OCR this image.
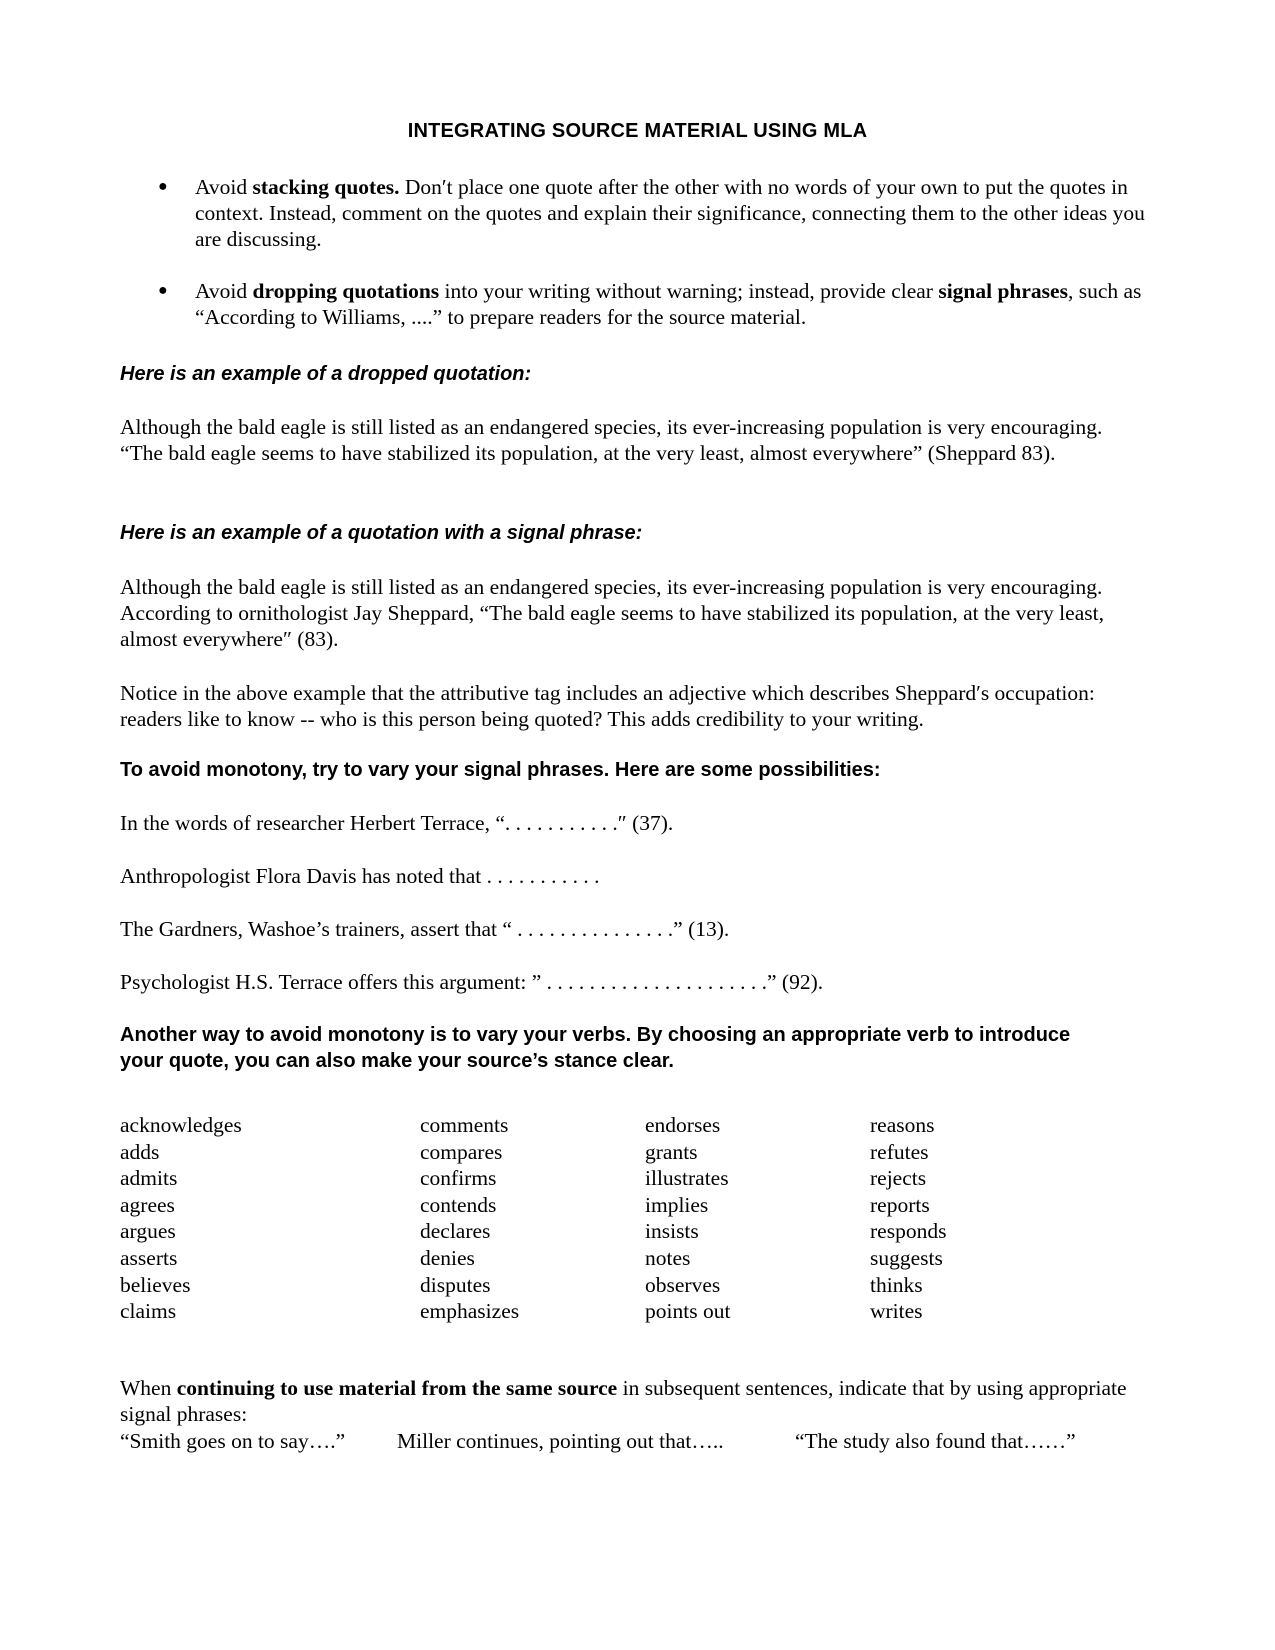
INTEGRATING SOURCE MATERIAL USING MLA
● Avoid stacking quotes. Don′t place one quote after the other with no words of your own to put the quotes in context. Instead, comment on the quotes and explain their significance, connecting them to the other ideas you are discussing.
● Avoid dropping quotations into your writing without warning; instead, provide clear signal phrases, such as “According to Williams, ....” to prepare readers for the source material.
Here is an example of a dropped quotation:
Although the bald eagle is still listed as an endangered species, its ever-increasing population is very encouraging. “The bald eagle seems to have stabilized its population, at the very least, almost everywhere” (Sheppard 83).
Here is an example of a quotation with a signal phrase:
Although the bald eagle is still listed as an endangered species, its ever-increasing population is very encouraging. According to ornithologist Jay Sheppard, “The bald eagle seems to have stabilized its population, at the very least, almost everywhere″ (83).
Notice in the above example that the attributive tag includes an adjective which describes Sheppard′s occupation: readers like to know -- who is this person being quoted? This adds credibility to your writing.
To avoid monotony, try to vary your signal phrases. Here are some possibilities:
In the words of researcher Herbert Terrace, “. . . . . . . . . . .″ (37).
Anthropologist Flora Davis has noted that . . . . . . . . . . .
The Gardners, Washoe’s trainers, assert that “ . . . . . . . . . . . . . . .” (13).
Psychologist H.S. Terrace offers this argument: ” . . . . . . . . . . . . . . . . . . . . .” (92).
Another way to avoid monotony is to vary your verbs. By choosing an appropriate verb to introduce your quote, you can also make your source’s stance clear.
acknowledges
adds
admits
agrees
argues
asserts
believes
claims
comments
compares
confirms
contends
declares
denies
disputes
emphasizes
endorses
grants
illustrates
implies
insists
notes
observes
points out
reasons
refutes
rejects
reports
responds
suggests
thinks
writes
When continuing to use material from the same source in subsequent sentences, indicate that by using appropriate signal phrases:
“Smith goes on to say….” Miller continues, pointing out that…..	“The study also found that……”
